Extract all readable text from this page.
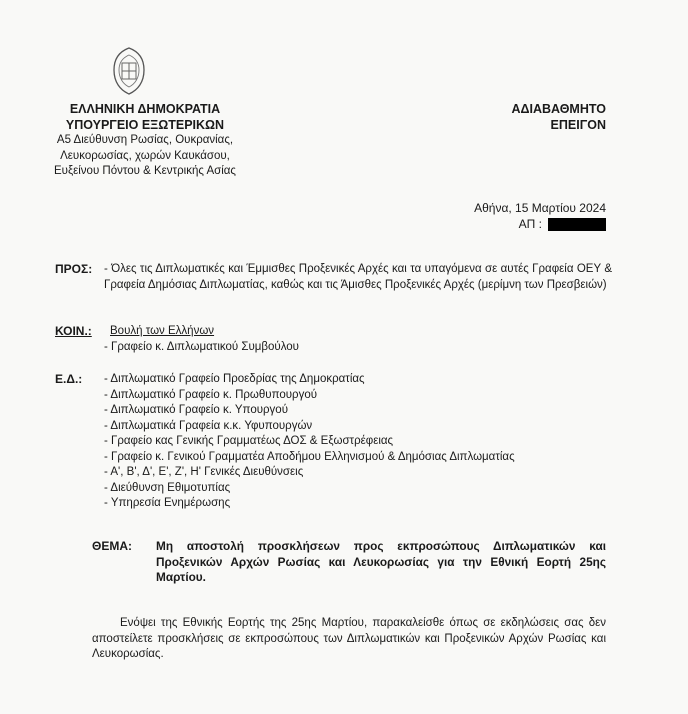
ΕΛΛΗΝΙΚΗ ΔΗΜΟΚΡΑΤΙΑ
ΥΠΟΥΡΓΕΙΟ ΕΞΩΤΕΡΙΚΩΝ
Α5 Διεύθυνση Ρωσίας, Ουκρανίας,
Λευκορωσίας, χωρών Καυκάσου,
Ευξείνου Πόντου & Κεντρικής Ασίας
ΑΔΙΑΒΑΘΜΗΤΟ
ΕΠΕΙΓΟΝ
Αθήνα, 15 Μαρτίου 2024
ΑΠ :
ΠΡΟΣ: - Όλες τις Διπλωματικές και Έμμισθες Προξενικές Αρχές και τα υπαγόμενα σε αυτές Γραφεία ΟΕΥ & Γραφεία Δημόσιας Διπλωματίας, καθώς και τις Άμισθες Προξενικές Αρχές (μερίμνη των Πρεσβειών)
ΚΟΙΝ.:	Βουλή των Ελλήνων
- Γραφείο κ. Διπλωματικού Συμβούλου
Ε.Δ.: - Διπλωματικό Γραφείο Προεδρίας της Δημοκρατίας
- Διπλωματικό Γραφείο κ. Πρωθυπουργού
- Διπλωματικό Γραφείο κ. Υπουργού
- Διπλωματικά Γραφεία κ.κ. Υφυπουργών
- Γραφείο κας Γενικής Γραμματέως ΔΟΣ & Εξωστρέφειας
- Γραφείο κ. Γενικού Γραμματέα Αποδήμου Ελληνισμού & Δημόσιας Διπλωματίας
- Α', Β', Δ', Ε', Ζ', Η' Γενικές Διευθύνσεις
- Διεύθυνση Εθιμοτυπίας
- Υπηρεσία Ενημέρωσης
ΘΕΜΑ: Μη αποστολή προσκλήσεων προς εκπροσώπους Διπλωματικών και Προξενικών Αρχών Ρωσίας και Λευκορωσίας για την Εθνική Εορτή 25ης Μαρτίου.
Ενόψει της Εθνικής Εορτής της 25ης Μαρτίου, παρακαλείσθε όπως σε εκδηλώσεις σας δεν αποστείλετε προσκλήσεις σε εκπροσώπους των Διπλωματικών και Προξενικών Αρχών Ρωσίας και Λευκορωσίας.
